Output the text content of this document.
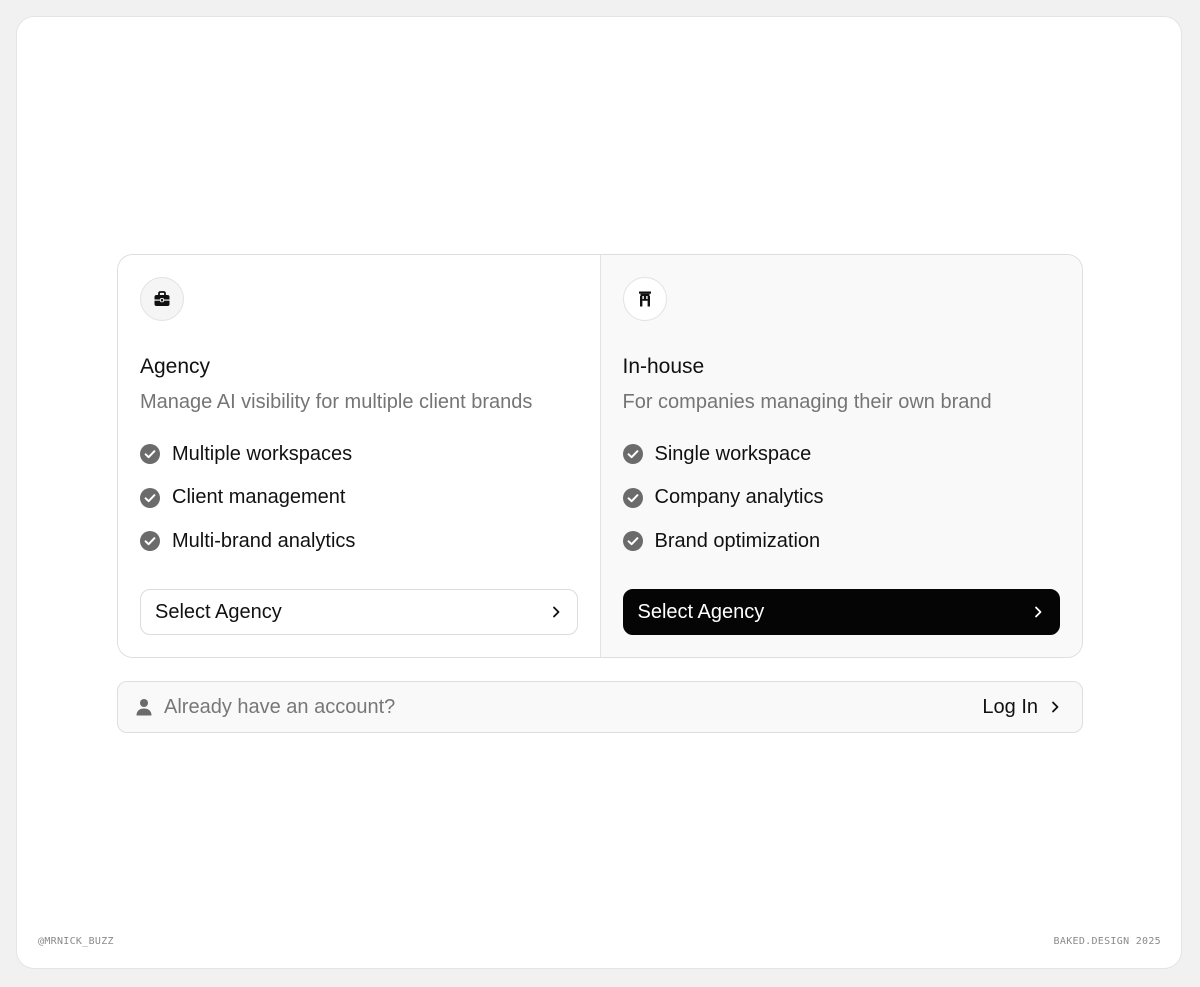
Agency
Manage AI visibility for multiple client brands
Multiple workspaces
Client management
Multi-brand analytics
Select Agency
In-house
For companies managing their own brand
Single workspace
Company analytics
Brand optimization
Select Agency
Already have an account?	Log In
@MRNICK_BUZZ	BAKED.DESIGN 2025
